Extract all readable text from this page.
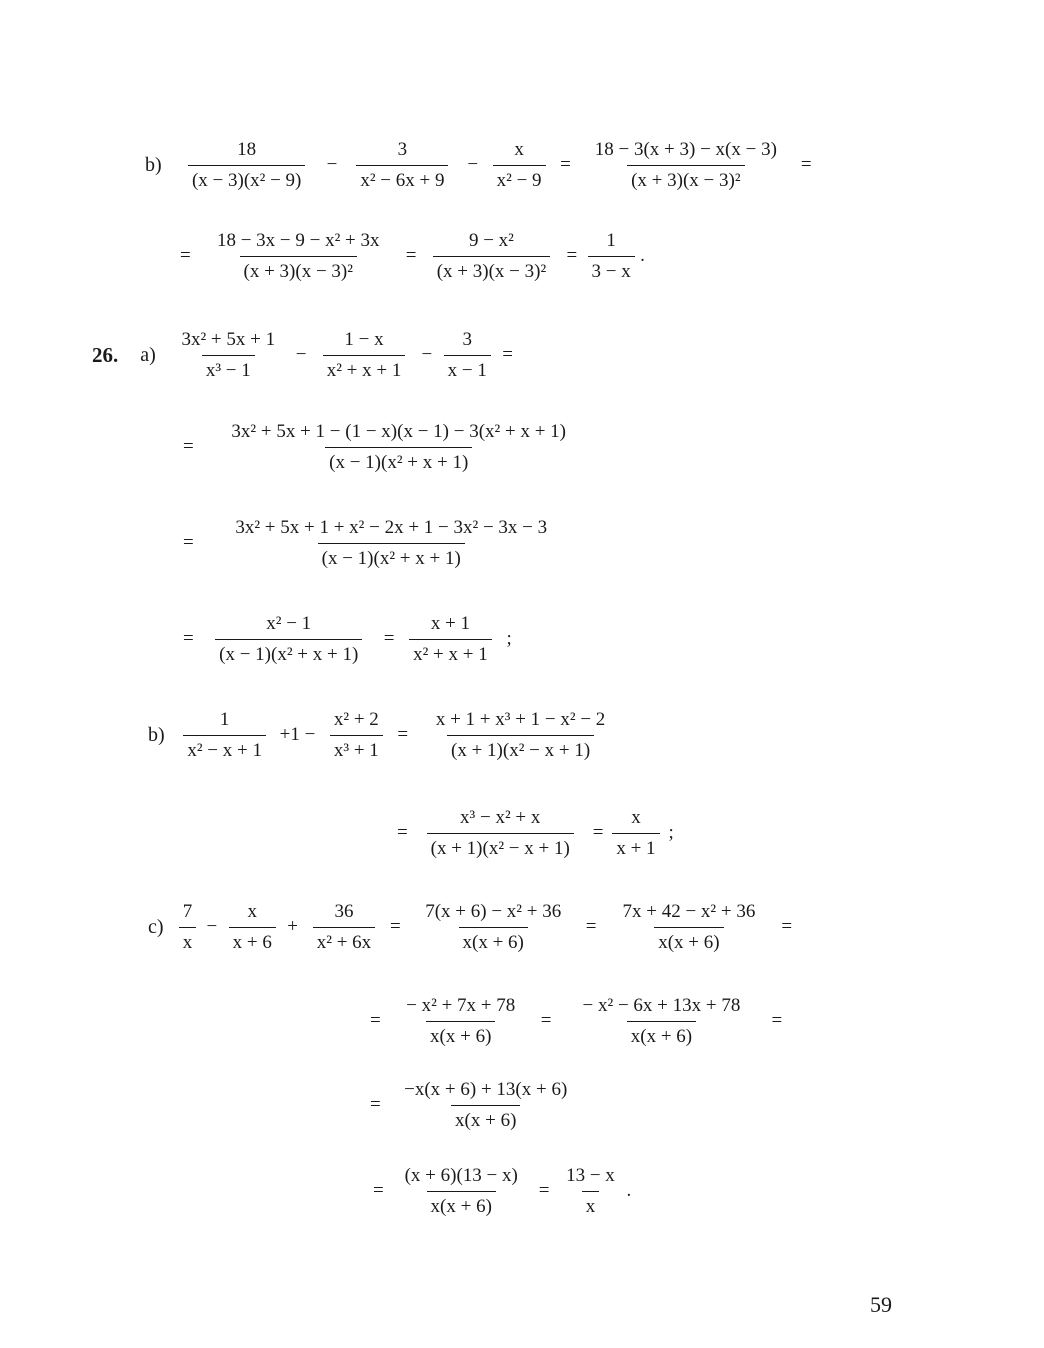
$b) \frac{18}{\text{(x − 3)(x² − 9)}} - \frac{3}{\text{x² − 6x + 9}} - \frac{x}{\text{x² − 9}} = \frac{18 - 3(x + 3) - x(x - 3)}{\text{(x + 3)(x − 3)²}}$ =
= $\frac{\text{18 − 3x − 9 − x² + 3x}}{\text{(x + 3)(x − 3)²}} = \frac{\text{9 − x²}}{\text{(x + 3)(x − 3)²}} = \frac{1}{3 - x}$ .
26. $a) \frac{\text{3x² + 5x + 1}}{\text{x³ − 1}} - \frac{1 - x}{\text{x² + x + 1}} - \frac{3}{x - 1}$ =
= $\frac{\text{3x² + 5x + 1 − (1 − x)(x − 1) − 3(x² + x + 1)}}{\text{(x − 1)(x² + x + 1)}}$
= $\frac{\text{3x² + 5x + 1 + x² − 2x + 1 − 3x² − 3x − 3}}{\text{(x − 1)(x² + x + 1)}}$
= $\frac{\text{x² − 1}}{\text{(x − 1)(x² + x + 1)}} = \frac{x + 1}{\text{x² + x + 1}}$ ;
$b) \frac{1}{\text{x² − x + 1}} +1 - \frac{\text{x² + 2}}{\text{x³ + 1}} = \frac{\text{x + 1 + x³ + 1 − x² − 2}}{\text{(x + 1)(x² − x + 1)}}$
= $\frac{\text{x³ − x² + x}}{\text{(x + 1)(x² − x + 1)}} = \frac{x}{x + 1}$ ;
$c) \frac{7}{x} - \frac{x}{x + 6} + \frac{36}{\text{x² + 6x}} = \frac{\text{7(x + 6) − x² + 36}}{x(x + 6)} = \frac{\text{7x + 42 − x² + 36}}{x(x + 6)}$ =
= $\frac{\text{− x² + 7x + 78}}{x(x + 6)} = \frac{\text{− x² − 6x + 13x + 78}}{x(x + 6)}$ =
= $\frac{-x(x + 6) + 13(x + 6)}{x(x + 6)}$
= $\frac{(x + 6)(13 - x)}{x(x + 6)} = \frac{13 - x}{x}$ .
59
